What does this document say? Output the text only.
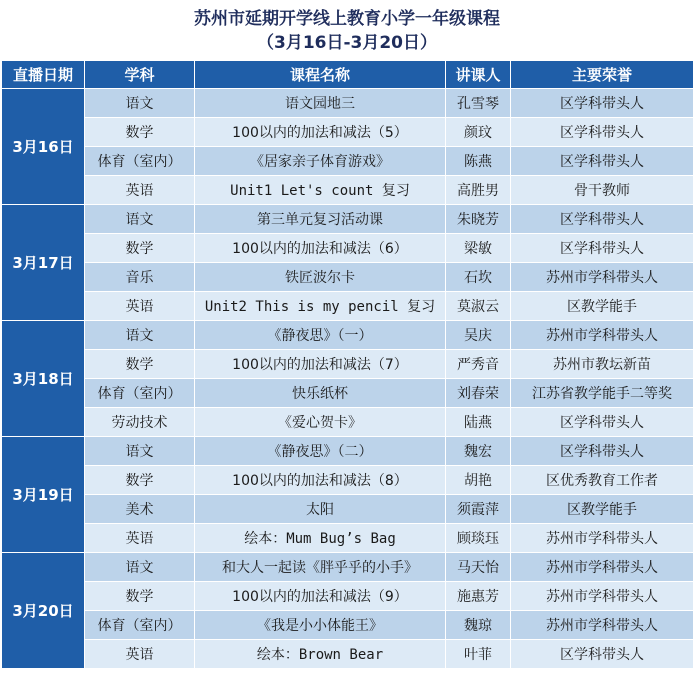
苏州市延期开学线上教育小学一年级课程
（3月16日-3月20日）
直播日期	学科	课程名称	讲课人	主要荣誉
3月16日	语文	语文园地三	孔雪琴	区学科带头人
	数学	100以内的加法和减法（5）	颜玟	区学科带头人
	体育（室内）	《居家亲子体育游戏》	陈燕	区学科带头人
	英语	Unit1 Let's count 复习	高胜男	骨干教师
3月17日	语文	第三单元复习活动课	朱晓芳	区学科带头人
	数学	100以内的加法和减法（6）	梁敏	区学科带头人
	音乐	铁匠波尔卡	石坎	苏州市学科带头人
	英语	Unit2 This is my pencil 复习	莫淑云	区教学能手
3月18日	语文	《静夜思》（一）	吴庆	苏州市学科带头人
	数学	100以内的加法和减法（7）	严秀音	苏州市教坛新苗
	体育（室内）	快乐纸杯	刘春荣	江苏省教学能手二等奖
	劳动技术	《爱心贺卡》	陆燕	区学科带头人
3月19日	语文	《静夜思》（二）	魏宏	区学科带头人
	数学	100以内的加法和减法（8）	胡艳	区优秀教育工作者
	美术	太阳	须霞萍	区教学能手
	英语	绘本：Mum Bug’s Bag	顾琰珏	苏州市学科带头人
3月20日	语文	和大人一起读《胖乎乎的小手》	马天怡	苏州市学科带头人
	数学	100以内的加法和减法（9）	施惠芳	苏州市学科带头人
	体育（室内）	《我是小小体能王》	魏琼	苏州市学科带头人
	英语	绘本：Brown Bear	叶菲	区学科带头人
